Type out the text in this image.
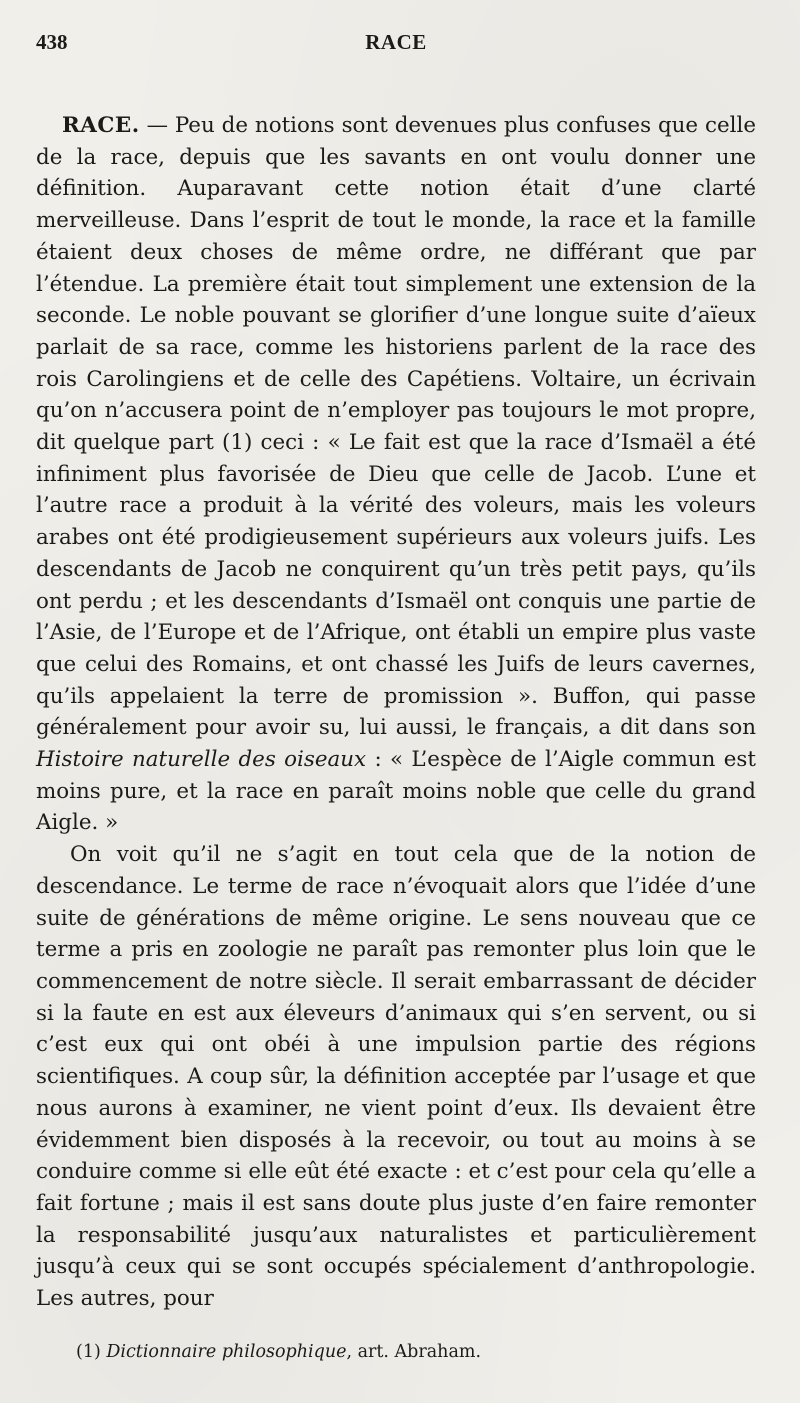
438	RACE

RACE. — Peu de notions sont devenues plus confuses que celle de la race, depuis que les savants en ont voulu donner une définition. Auparavant cette notion était d’une clarté merveilleuse. Dans l’esprit de tout le monde, la race et la famille étaient deux choses de même ordre, ne différant que par l’étendue. La première était tout simplement une extension de la seconde. Le noble pouvant se glorifier d’une longue suite d’aïeux parlait de sa race, comme les historiens parlent de la race des rois Carolingiens et de celle des Capétiens. Voltaire, un écrivain qu’on n’accusera point de n’employer pas toujours le mot propre, dit quelque part (1) ceci : « Le fait est que la race d’Ismaël a été infiniment plus favorisée de Dieu que celle de Jacob. L’une et l’autre race a produit à la vérité des voleurs, mais les voleurs arabes ont été prodigieusement supérieurs aux voleurs juifs. Les descendants de Jacob ne conquirent qu’un très petit pays, qu’ils ont perdu ; et les descendants d’Ismaël ont conquis une partie de l’Asie, de l’Europe et de l’Afrique, ont établi un empire plus vaste que celui des Romains, et ont chassé les Juifs de leurs cavernes, qu’ils appelaient la terre de promission ». Buffon, qui passe généralement pour avoir su, lui aussi, le français, a dit dans son Histoire naturelle des oiseaux : « L’espèce de l’Aigle commun est moins pure, et la race en paraît moins noble que celle du grand Aigle. »

On voit qu’il ne s’agit en tout cela que de la notion de descendance. Le terme de race n’évoquait alors que l’idée d’une suite de générations de même origine. Le sens nouveau que ce terme a pris en zoologie ne paraît pas remonter plus loin que le commencement de notre siècle. Il serait embarrassant de décider si la faute en est aux éleveurs d’animaux qui s’en servent, ou si c’est eux qui ont obéi à une impulsion partie des régions scientifiques. A coup sûr, la définition acceptée par l’usage et que nous aurons à examiner, ne vient point d’eux. Ils devaient être évidemment bien disposés à la recevoir, ou tout au moins à se conduire comme si elle eût été exacte : et c’est pour cela qu’elle a fait fortune ; mais il est sans doute plus juste d’en faire remonter la responsabilité jusqu’aux naturalistes et particulièrement jusqu’à ceux qui se sont occupés spécialement d’anthropologie. Les autres, pour

(1) Dictionnaire philosophique, art. Abraham.
